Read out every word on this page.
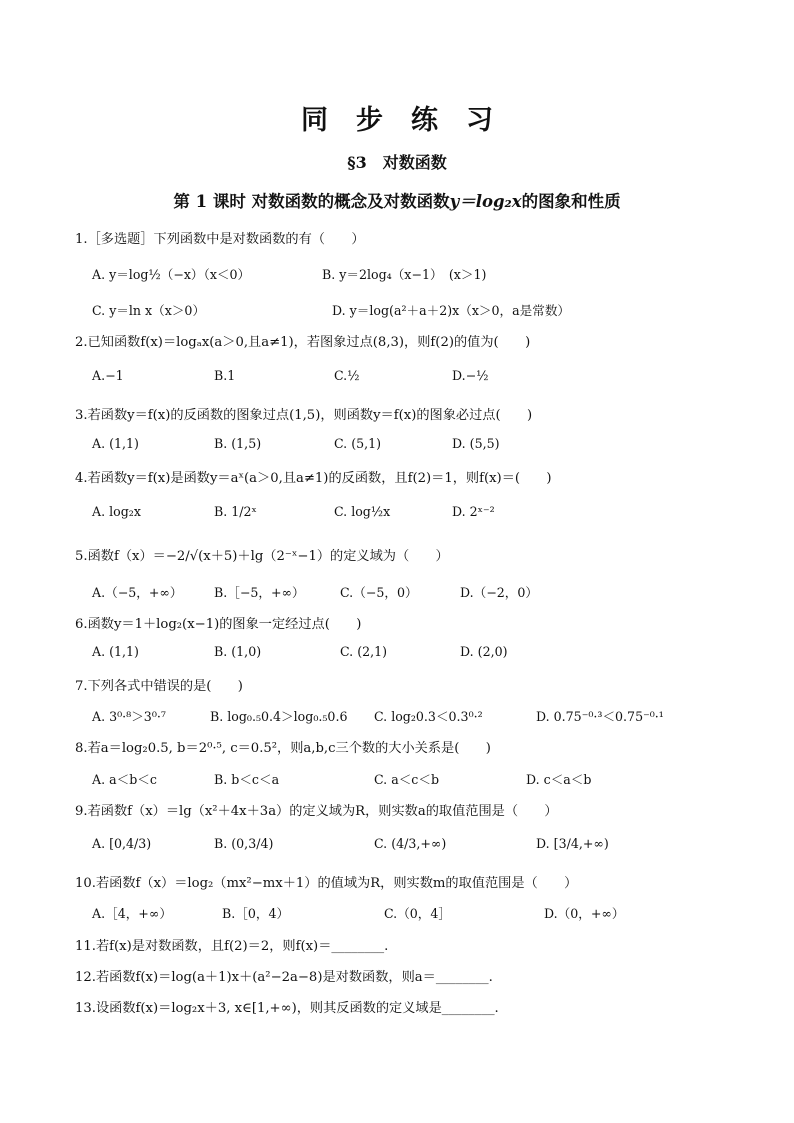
同 步 练 习
§3　对数函数
第 1 课时 对数函数的概念及对数函数y＝log₂x的图象和性质
1.［多选题］下列函数中是对数函数的有（　　）
A. y＝log½（−x）（x＜0）	B. y＝2log₄（x−1）　(x＞1)
C. y＝ln x（x＞0）	D. y＝log(a²＋a＋2)x（x＞0，a是常数）
2.已知函数f(x)＝logₐx(a＞0,且a≠1)，若图象过点(8,3)，则f(2)的值为(　　)
A.−1	B.1	C.½	D.−½
3.若函数y＝f(x)的反函数的图象过点(1,5)，则函数y＝f(x)的图象必过点(　　)
A. (1,1)	B. (1,5)	C. (5,1)	D. (5,5)
4.若函数y＝f(x)是函数y＝aˣ(a＞0,且a≠1)的反函数，且f(2)＝1，则f(x)＝(　　)
A. log₂x	B. 1/2ˣ	C. log½x	D. 2ˣ⁻²
5.函数f（x）＝−2/√(x＋5)＋lg（2⁻ˣ−1）的定义域为（　　）
A.（−5，+∞）	B.［−5，+∞）	C.（−5，0）	D.（−2，0）
6.函数y＝1＋log₂(x−1)的图象一定经过点(　　)
A. (1,1)	B. (1,0)	C. (2,1)	D. (2,0)
7.下列各式中错误的是(　　)
A. 3⁰·⁸＞3⁰·⁷	B. log₀.₅0.4＞log₀.₅0.6 C. log₂0.3＜0.3⁰·²	D. 0.75⁻⁰·³＜0.75⁻⁰·¹
8.若a＝log₂0.5, b＝2⁰·⁵, c＝0.5²，则a,b,c三个数的大小关系是(　　)
A. a＜b＜c	B. b＜c＜a	C. a＜c＜b	D. c＜a＜b
9.若函数f（x）＝lg（x²＋4x＋3a）的定义域为R，则实数a的取值范围是（　　）
A. [0,4/3)	B. (0,3/4)	C. (4/3,+∞)	D. [3/4,+∞)
10.若函数f（x）＝log₂（mx²−mx＋1）的值域为R，则实数m的取值范围是（　　）
A.［4，+∞）	B.［0，4）	C.（0，4］	D.（0，+∞）
11.若f(x)是对数函数，且f(2)＝2，则f(x)＝________.
12.若函数f(x)＝log(a＋1)x＋(a²−2a−8)是对数函数，则a＝________.
13.设函数f(x)＝log₂x＋3, x∈[1,+∞)，则其反函数的定义域是________.
